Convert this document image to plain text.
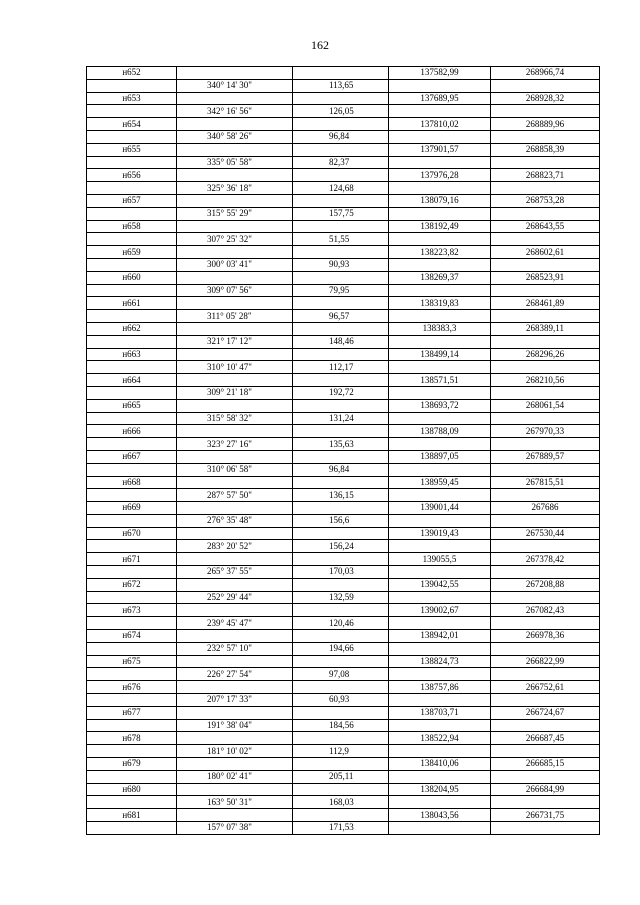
162
н652			137582,99	268966,74
	340° 14' 30"	113,65		
н653			137689,95	268928,32
	342° 16' 56"	126,05		
н654			137810,02	268889,96
	340° 58' 26"	96,84		
н655			137901,57	268858,39
	335° 05' 58"	82,37		
н656			137976,28	268823,71
	325° 36' 18"	124,68		
н657			138079,16	268753,28
	315° 55' 29"	157,75		
н658			138192,49	268643,55
	307° 25' 32"	51,55		
н659			138223,82	268602,61
	300° 03' 41"	90,93		
н660			138269,37	268523,91
	309° 07' 56"	79,95		
н661			138319,83	268461,89
	311° 05' 28"	96,57		
н662			138383,3	268389,11
	321° 17' 12"	148,46		
н663			138499,14	268296,26
	310° 10' 47"	112,17		
н664			138571,51	268210,56
	309° 21' 18"	192,72		
н665			138693,72	268061,54
	315° 58' 32"	131,24		
н666			138788,09	267970,33
	323° 27' 16"	135,63		
н667			138897,05	267889,57
	310° 06' 58"	96,84		
н668			138959,45	267815,51
	287° 57' 50"	136,15		
н669			139001,44	267686
	276° 35' 48"	156,6		
н670			139019,43	267530,44
	283° 20' 52"	156,24		
н671			139055,5	267378,42
	265° 37' 55"	170,03		
н672			139042,55	267208,88
	252° 29' 44"	132,59		
н673			139002,67	267082,43
	239° 45' 47"	120,46		
н674			138942,01	266978,36
	232° 57' 10"	194,66		
н675			138824,73	266822,99
	226° 27' 54"	97,08		
н676			138757,86	266752,61
	207° 17' 33"	60,93		
н677			138703,71	266724,67
	191° 38' 04"	184,56		
н678			138522,94	266687,45
	181° 10' 02"	112,9		
н679			138410,06	266685,15
	180° 02' 41"	205,11		
н680			138204,95	266684,99
	163° 50' 31"	168,03		
н681			138043,56	266731,75
	157° 07' 38"	171,53		
